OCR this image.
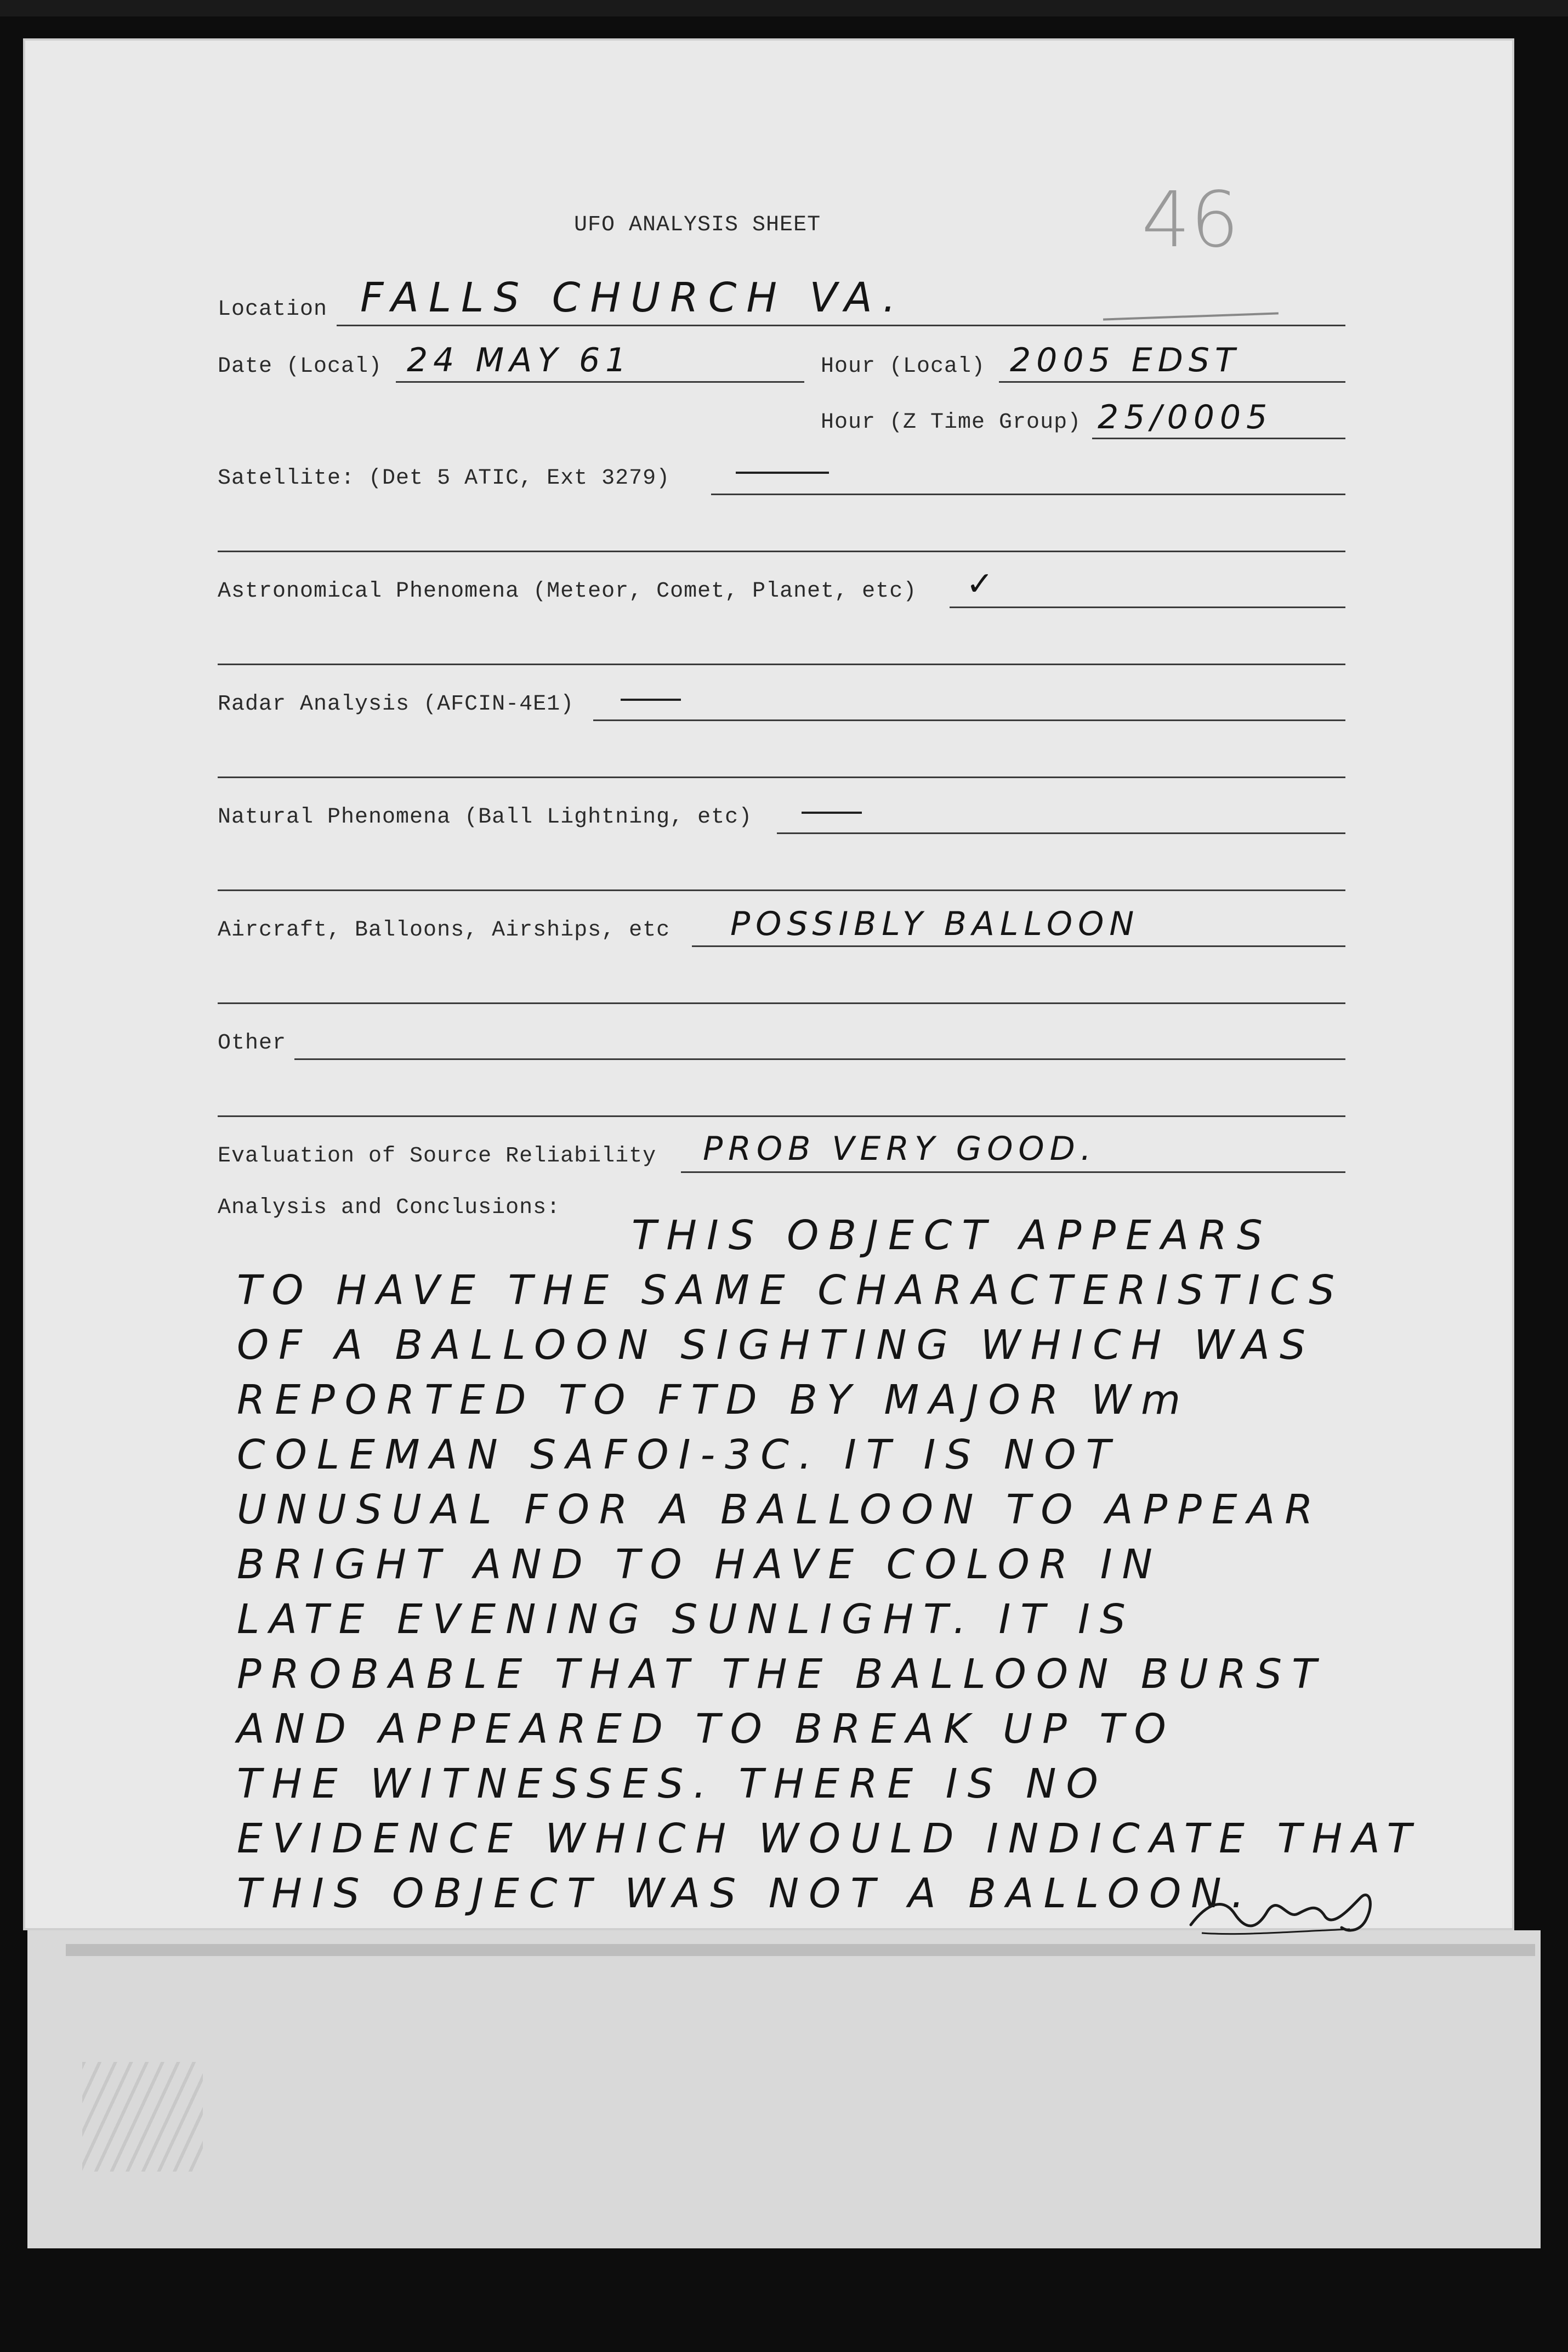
46
UFO ANALYSIS SHEET
Location FALLS CHURCH VA.
Date (Local) 24 MAY 61	Hour (Local) 2005 EDST
Hour (Z Time Group) 25/0005
Satellite: (Det 5 ATIC, Ext 3279)
Astronomical Phenomena (Meteor, Comet, Planet, etc) ✓
Radar Analysis (AFCIN-4E1)
Natural Phenomena (Ball Lightning, etc)
Aircraft, Balloons, Airships, etc POSSIBLY BALLOON
Other
Evaluation of Source Reliability PROB VERY GOOD.
Analysis and Conclusions:
THIS OBJECT APPEARS
TO HAVE THE SAME CHARACTERISTICS
OF A BALLOON SIGHTING WHICH WAS
REPORTED TO FTD BY MAJOR Wm
COLEMAN SAFOI-3C. IT IS NOT
UNUSUAL FOR A BALLOON TO APPEAR
BRIGHT AND TO HAVE COLOR IN
LATE EVENING SUNLIGHT. IT IS
PROBABLE THAT THE BALLOON BURST
AND APPEARED TO BREAK UP TO
THE WITNESSES. THERE IS NO
EVIDENCE WHICH WOULD INDICATE THAT
THIS OBJECT WAS NOT A BALLOON.
